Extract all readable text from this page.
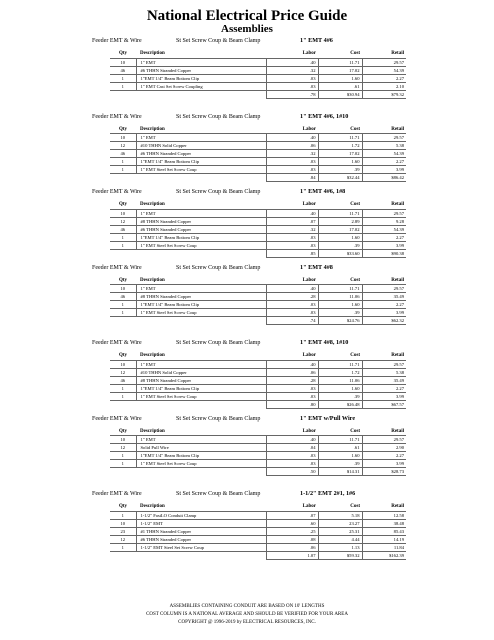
National Electrical Price Guide
Assemblies
Feeder EMT & Wire	St Set Screw Coup & Beam Clamp	1" EMT 4#6
Qty	Description	Labor	Cost	Retail
10	1" EMT	.40	11.71	29.57
46	#6 THHN Stranded Copper	.32	17.02	54.39
1	1"EMT 1/4" Beam Bottom Clip	.03	1.60	2.27
1	1" EMT Cast Set Screw Coupling	.03	.61	2.10
		.78	$30.94	$79.32
Feeder EMT & Wire	St Set Screw Coup & Beam Clamp	1" EMT 4#6, 1#10
Qty	Description	Labor	Cost	Retail
10	1" EMT	.40	11.71	29.57
12	#10 THHN Solid Copper	.06	1.72	5.38
46	#6 THHN Stranded Copper	.32	17.02	54.39
1	1"EMT 1/4" Beam Bottom Clip	.03	1.60	2.27
1	1" EMT Steel Set Screw Coup	.03	.39	3.99
		.84	$32.44	$86.42
Feeder EMT & Wire	St Set Screw Coup & Beam Clamp	1" EMT 4#6, 1#8
Qty	Description	Labor	Cost	Retail
10	1" EMT	.40	11.71	29.57
12	#8 THHN Stranded Copper	.07	2.89	9.28
46	#6 THHN Stranded Copper	.32	17.02	54.39
1	1"EMT 1/4" Beam Bottom Clip	.03	1.60	2.27
1	1" EMT Steel Set Screw Coup	.03	.39	3.99
		.85	$33.60	$90.38
Feeder EMT & Wire	St Set Screw Coup & Beam Clamp	1" EMT 4#8
Qty	Description	Labor	Cost	Retail
10	1" EMT	.40	11.71	29.57
46	#8 THHN Stranded Copper	.28	11.06	35.49
1	1"EMT 1/4" Beam Bottom Clip	.03	1.60	2.27
1	1" EMT Steel Set Screw Coup	.03	.39	3.99
		.74	$24.76	$62.32
Feeder EMT & Wire	St Set Screw Coup & Beam Clamp	1" EMT 4#8, 1#10
Qty	Description	Labor	Cost	Retail
10	1" EMT	.40	11.71	29.57
12	#10 THHN Solid Copper	.06	1.72	5.38
46	#8 THHN Stranded Copper	.28	11.06	35.49
1	1"EMT 1/4" Beam Bottom Clip	.03	1.60	2.27
1	1" EMT Steel Set Screw Coup	.03	.39	3.99
		.80	$26.48	$67.57
Feeder EMT & Wire	St Set Screw Coup & Beam Clamp	1" EMT w/Pull Wire
Qty	Description	Labor	Cost	Retail
10	1" EMT	.40	11.71	29.57
12	Solid Pull Wire	.04	.61	2.90
1	1"EMT 1/4" Beam Bottom Clip	.03	1.60	2.27
1	1" EMT Steel Set Screw Coup	.03	.39	3.99
		.50	$14.31	$28.73
Feeder EMT & Wire	St Set Screw Coup & Beam Clamp	1-1/2" EMT 2#1, 1#6
Qty	Description	Labor	Cost	Retail
1	1-1/2" FastLO Conduit Clamp	.07	5.18	12.58
10	1-1/2" EMT	.60	23.27	38.48
23	#1 THHN Stranded Copper	.25	25.31	85.43
12	#6 THHN Stranded Copper	.08	4.44	14.19
1	1-1/2" EMT Steel Set Screw Coup	.06	1.13	11.84
		1.07	$59.32	$162.39
ASSEMBLIES CONTAINING CONDUIT ARE BASED ON 10' LENGTHS
COST COLUMN IS A NATIONAL AVERAGE AND SHOULD BE VERIFIED FOR YOUR AREA
COPYRIGHT @ 1996-2019 by ELECTRICAL RESOURCES, INC.
